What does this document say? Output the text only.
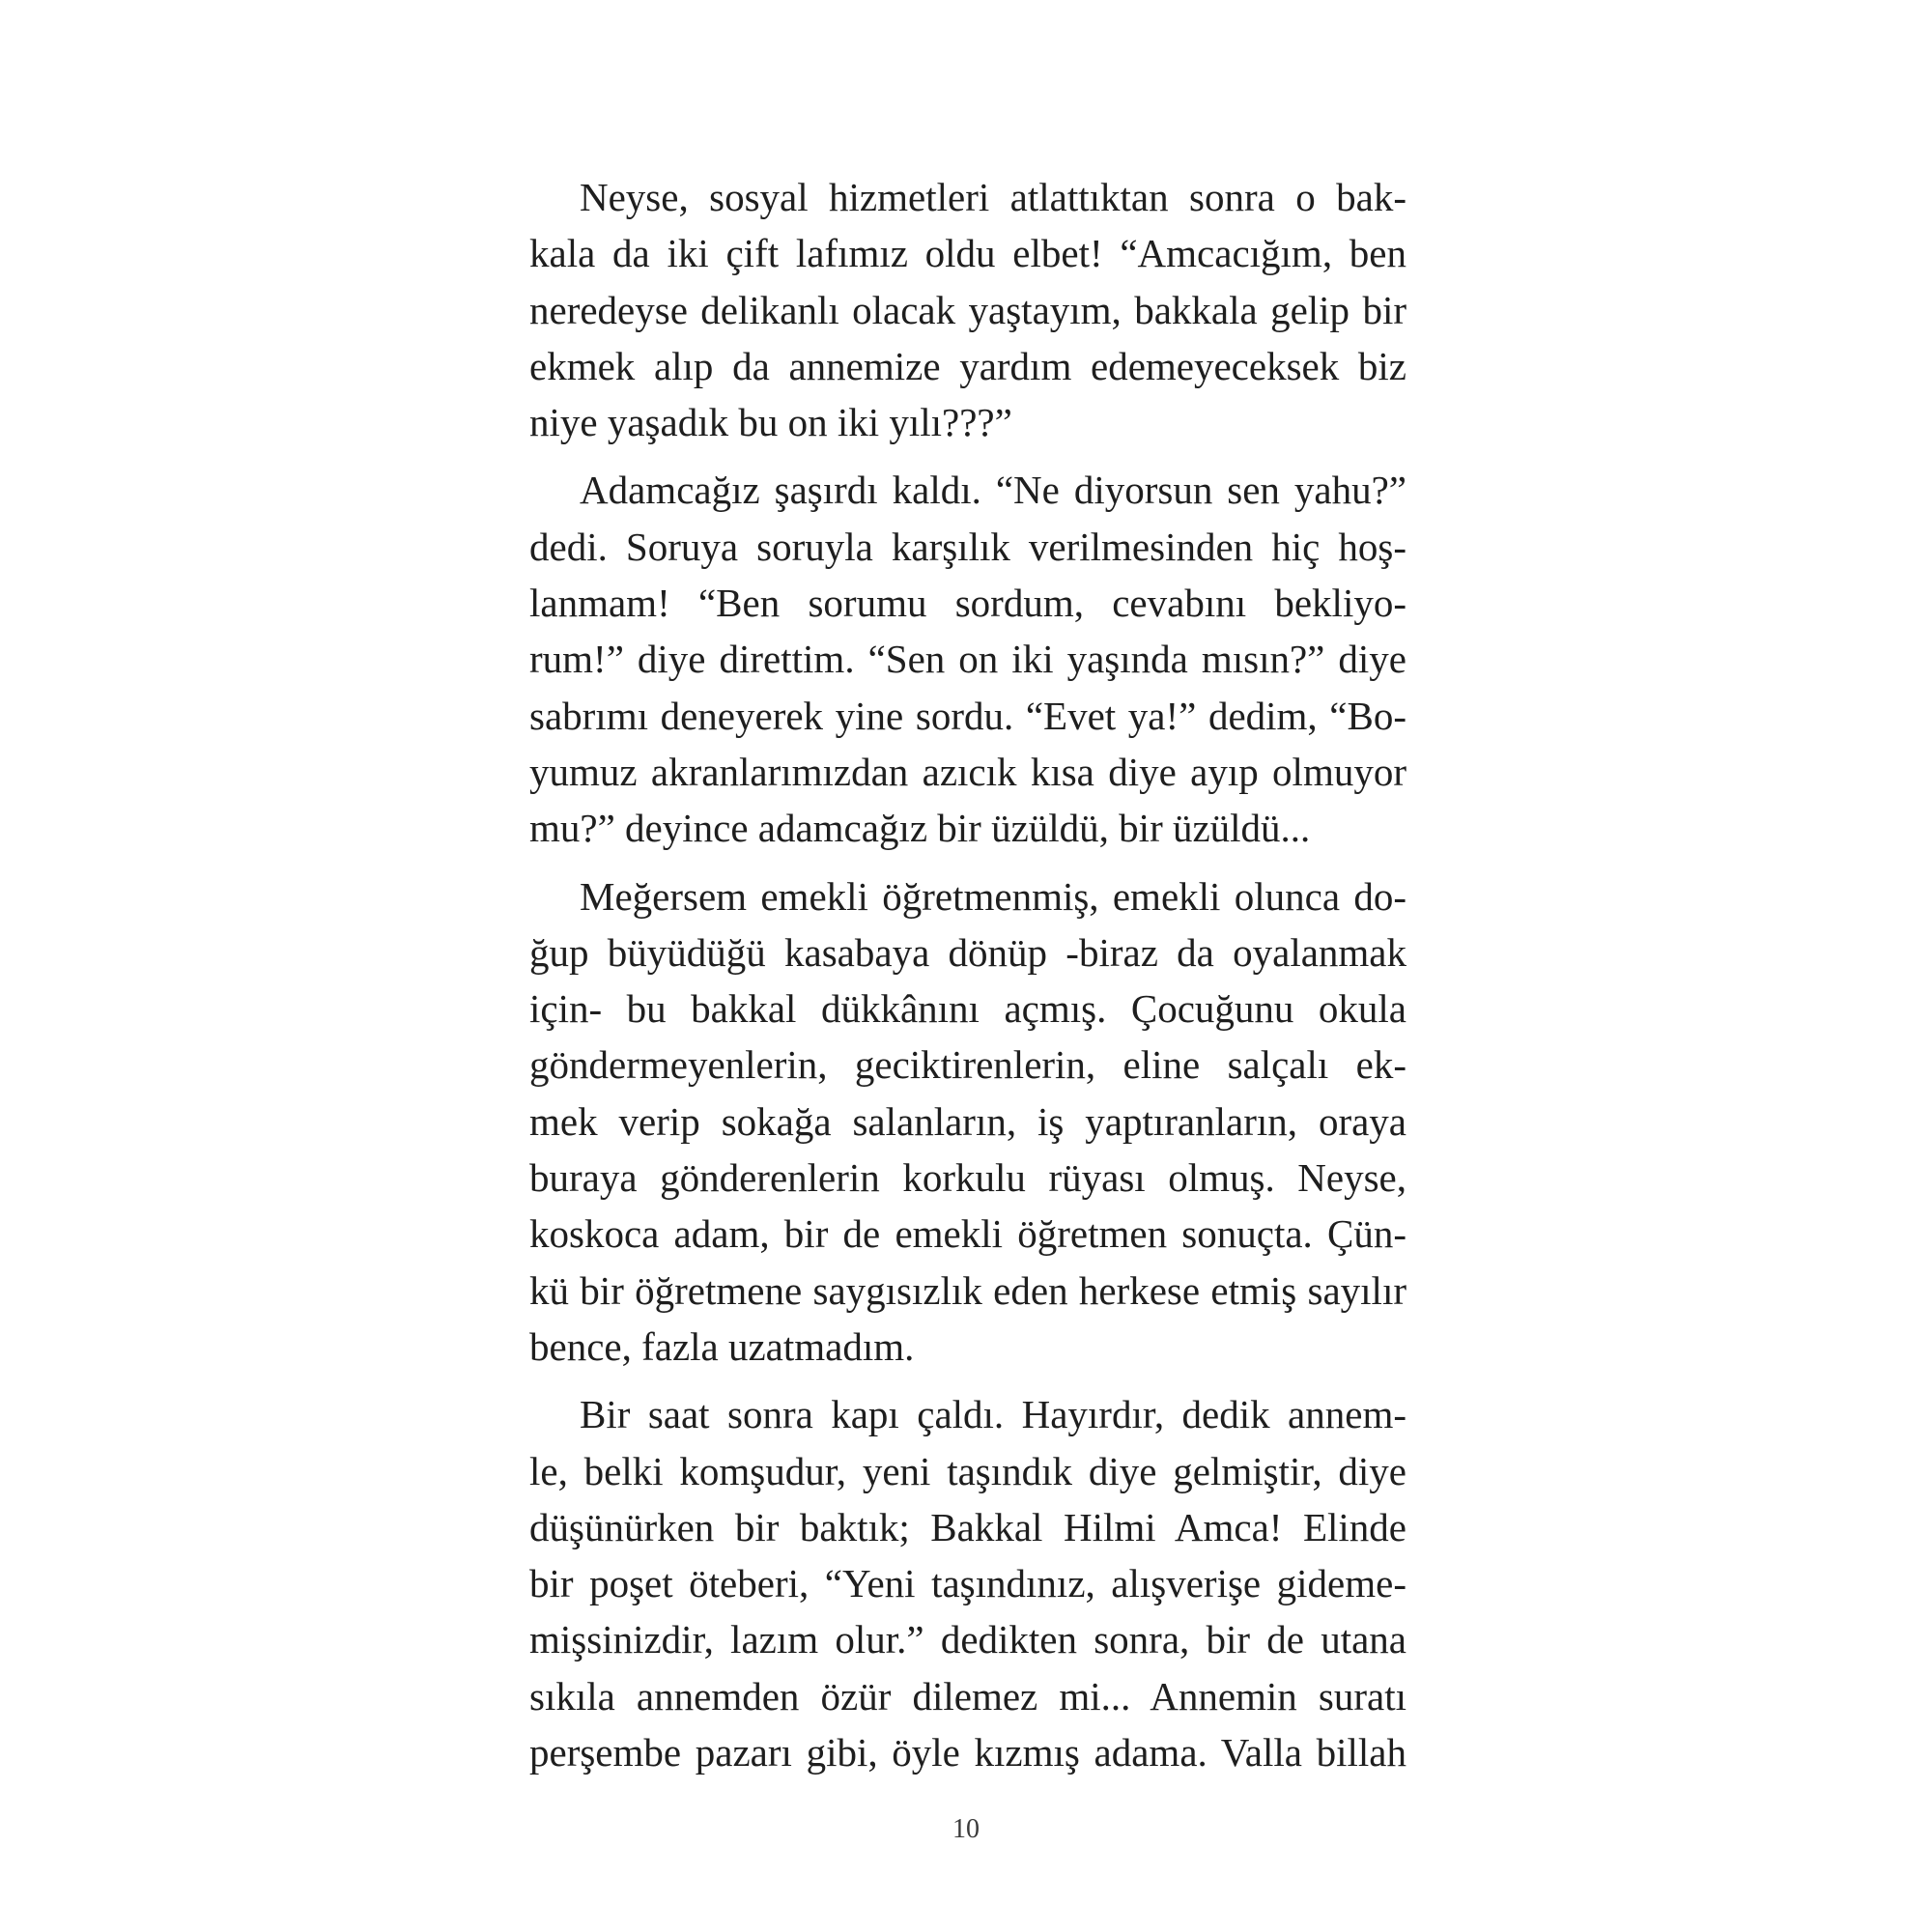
Neyse, sosyal hizmetleri atlattıktan sonra o bak-
kala da iki çift lafımız oldu elbet! “Amcacığım, ben
neredeyse delikanlı olacak yaştayım, bakkala gelip bir
ekmek alıp da annemize yardım edemeyeceksek biz
niye yaşadık bu on iki yılı???”

Adamcağız şaşırdı kaldı. “Ne diyorsun sen yahu?”
dedi. Soruya soruyla karşılık verilmesinden hiç hoş-
lanmam! “Ben sorumu sordum, cevabını bekliyo-
rum!” diye direttim. “Sen on iki yaşında mısın?” diye
sabrımı deneyerek yine sordu. “Evet ya!” dedim, “Bo-
yumuz akranlarımızdan azıcık kısa diye ayıp olmuyor
mu?” deyince adamcağız bir üzüldü, bir üzüldü...

Meğersem emekli öğretmenmiş, emekli olunca do-
ğup büyüdüğü kasabaya dönüp -biraz da oyalanmak
için- bu bakkal dükkânını açmış. Çocuğunu okula
göndermeyenlerin, geciktirenlerin, eline salçalı ek-
mek verip sokağa salanların, iş yaptıranların, oraya
buraya gönderenlerin korkulu rüyası olmuş. Neyse,
koskoca adam, bir de emekli öğretmen sonuçta. Çün-
kü bir öğretmene saygısızlık eden herkese etmiş sayılır
bence, fazla uzatmadım.

Bir saat sonra kapı çaldı. Hayırdır, dedik annem-
le, belki komşudur, yeni taşındık diye gelmiştir, diye
düşünürken bir baktık; Bakkal Hilmi Amca! Elinde
bir poşet öteberi, “Yeni taşındınız, alışverişe gideme-
mişsinizdir, lazım olur.” dedikten sonra, bir de utana
sıkıla annemden özür dilemez mi... Annemin suratı
perşembe pazarı gibi, öyle kızmış adama. Valla billah

10
